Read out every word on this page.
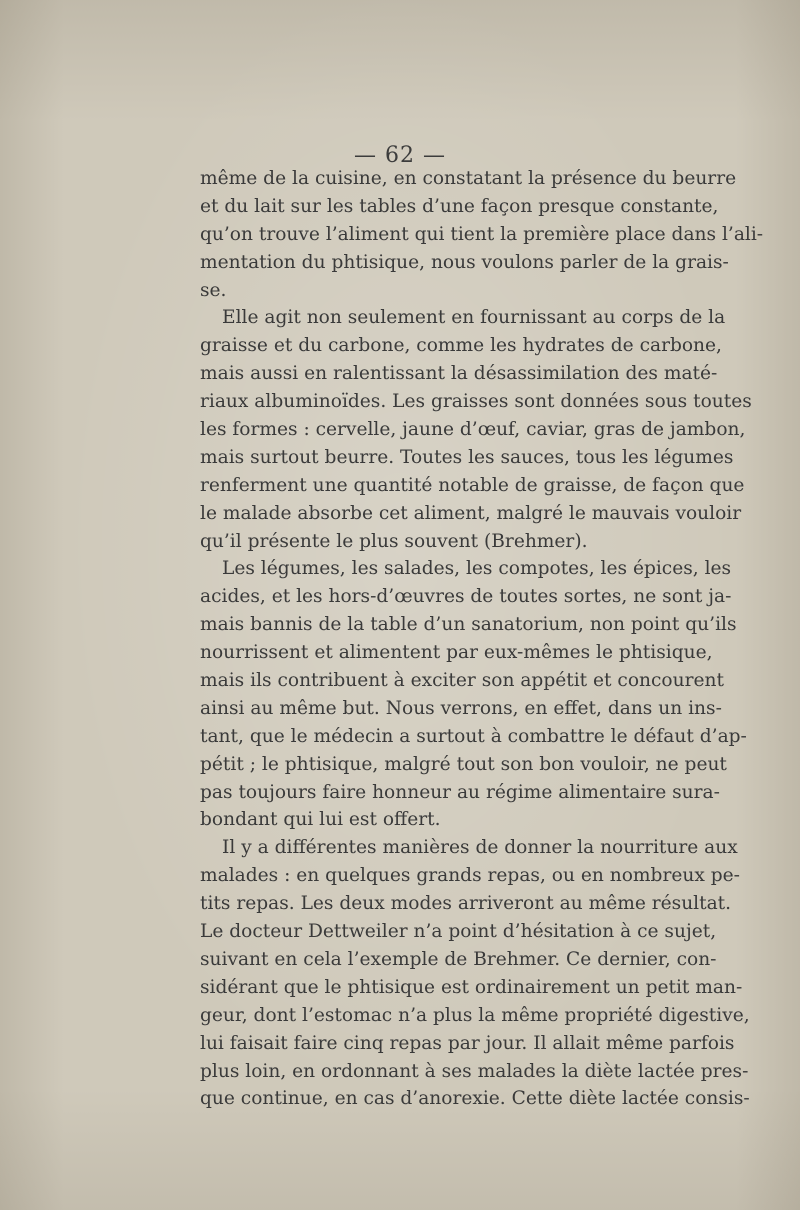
— 62 —
même de la cuisine, en constatant la présence du beurre
et du lait sur les tables d’une façon presque constante,
qu’on trouve l’aliment qui tient la première place dans l’ali-
mentation du phtisique, nous voulons parler de la grais-
se.
Elle agit non seulement en fournissant au corps de la
graisse et du carbone, comme les hydrates de carbone,
mais aussi en ralentissant la désassimilation des maté-
riaux albuminoïdes. Les graisses sont données sous toutes
les formes : cervelle, jaune d’œuf, caviar, gras de jambon,
mais surtout beurre. Toutes les sauces, tous les légumes
renferment une quantité notable de graisse, de façon que
le malade absorbe cet aliment, malgré le mauvais vouloir
qu’il présente le plus souvent (Brehmer).
Les légumes, les salades, les compotes, les épices, les
acides, et les hors-d’œuvres de toutes sortes, ne sont ja-
mais bannis de la table d’un sanatorium, non point qu’ils
nourrissent et alimentent par eux-mêmes le phtisique,
mais ils contribuent à exciter son appétit et concourent
ainsi au même but. Nous verrons, en effet, dans un ins-
tant, que le médecin a surtout à combattre le défaut d’ap-
pétit ; le phtisique, malgré tout son bon vouloir, ne peut
pas toujours faire honneur au régime alimentaire sura-
bondant qui lui est offert.
Il y a différentes manières de donner la nourriture aux
malades : en quelques grands repas, ou en nombreux pe-
tits repas. Les deux modes arriveront au même résultat.
Le docteur Dettweiler n’a point d’hésitation à ce sujet,
suivant en cela l’exemple de Brehmer. Ce dernier, con-
sidérant que le phtisique est ordinairement un petit man-
geur, dont l’estomac n’a plus la même propriété digestive,
lui faisait faire cinq repas par jour. Il allait même parfois
plus loin, en ordonnant à ses malades la diète lactée pres-
que continue, en cas d’anorexie. Cette diète lactée consis-
